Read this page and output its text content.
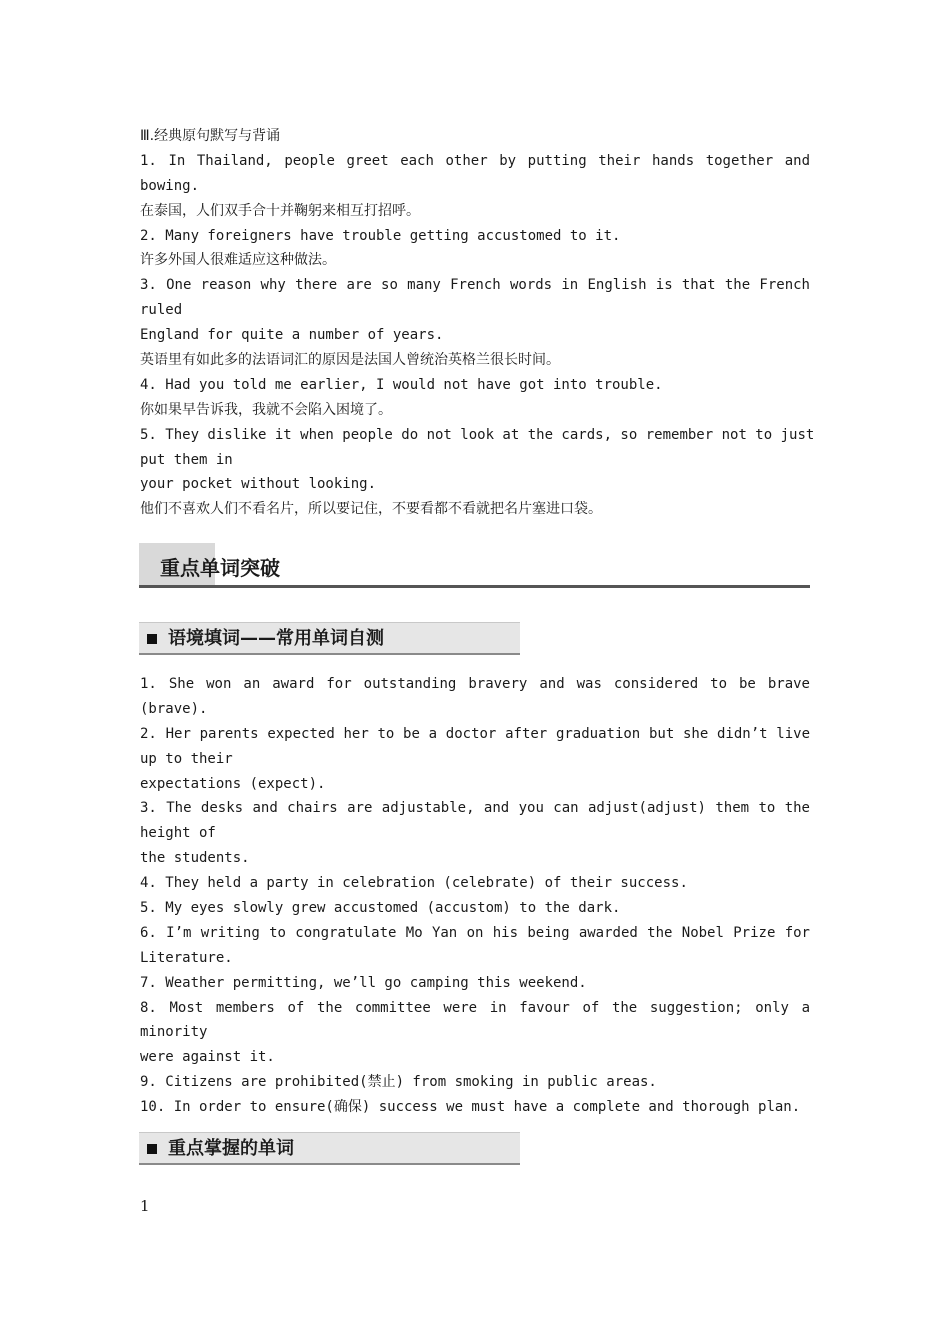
Ⅲ.经典原句默写与背诵
1. In Thailand, people greet each other by putting their hands together and
bowing.
在泰国，人们双手合十并鞠躬来相互打招呼。
2. Many foreigners have trouble getting accustomed to it.
许多外国人很难适应这种做法。
3. One reason why there are so many French words in English is that the French
ruled
England for quite a number of years.
英语里有如此多的法语词汇的原因是法国人曾统治英格兰很长时间。
4. Had you told me earlier, I would not have got into trouble.
你如果早告诉我，我就不会陷入困境了。
5. They dislike it when people do not look at the cards, so remember not to just
put them in
your pocket without looking.
他们不喜欢人们不看名片，所以要记住，不要看都不看就把名片塞进口袋。
重点单词突破
语境填词——常用单词自测
1. She won an award for outstanding bravery and was considered to be brave
(brave).
2. Her parents expected her to be a doctor after graduation but she didn’t live
up to their
expectations (expect).
3. The desks and chairs are adjustable, and you can adjust(adjust) them to the
height of
the students.
4. They held a party in celebration (celebrate) of their success.
5. My eyes slowly grew accustomed (accustom) to the dark.
6. I’m writing to congratulate Mo Yan on his being awarded the Nobel Prize for
Literature.
7. Weather permitting, we’ll go camping this weekend.
8. Most members of the committee were in favour of the suggestion; only a
minority
were against it.
9. Citizens are prohibited(禁止) from smoking in public areas.
10. In order to ensure(确保) success we must have a complete and thorough plan.
重点掌握的单词
1
